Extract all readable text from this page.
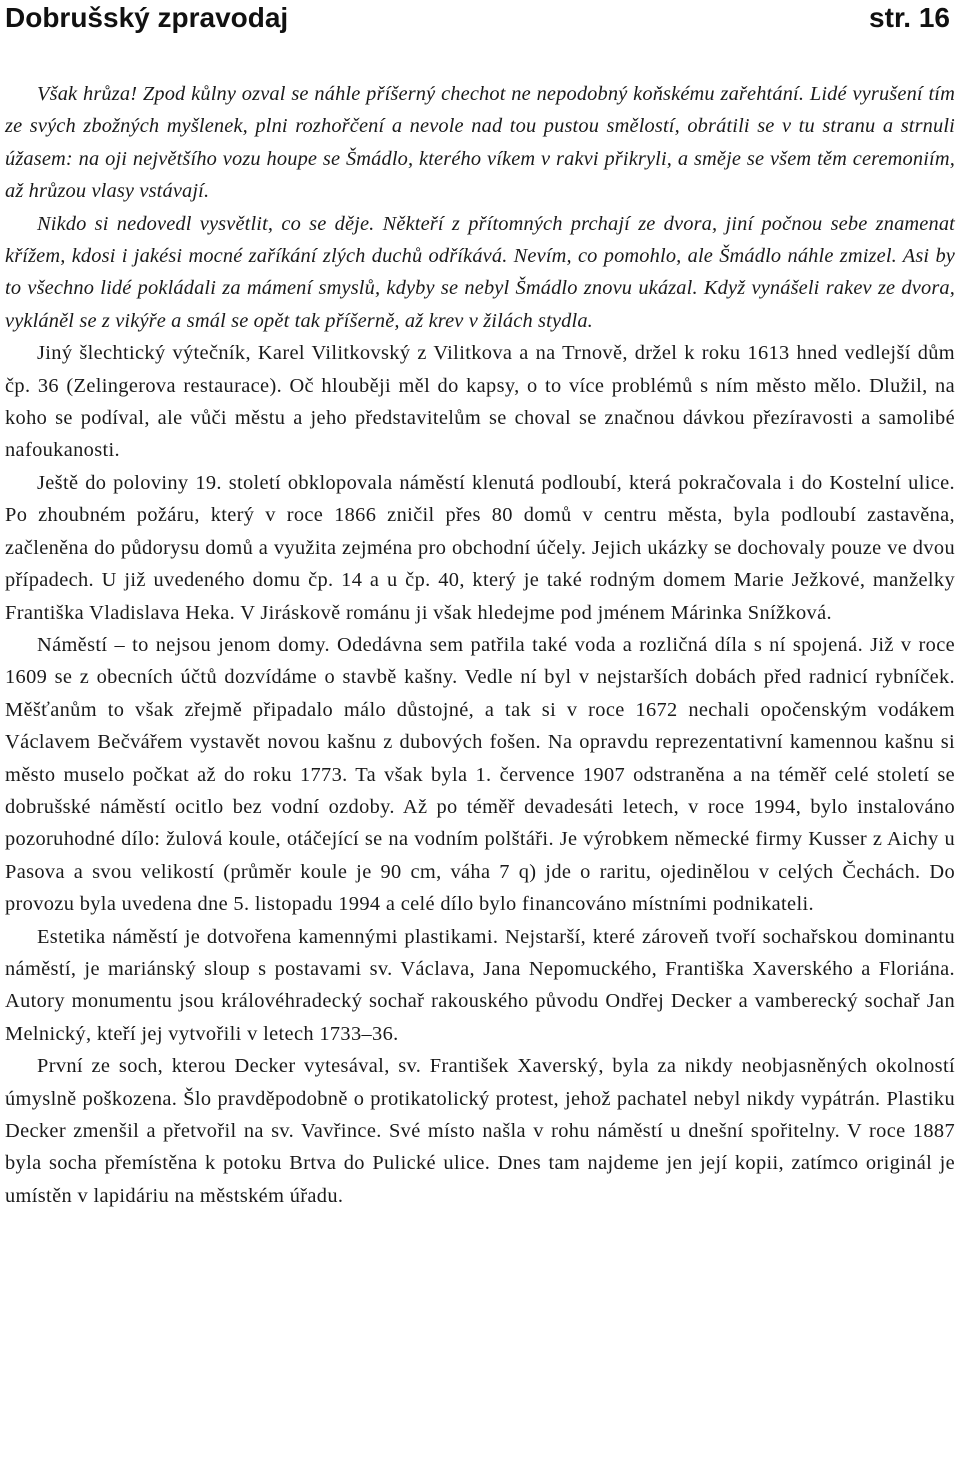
Dobrušský zpravodaj	str. 16

Však hrůza! Zpod kůlny ozval se náhle příšerný chechot ne nepodobný koňskému zařehtání. Lidé vyrušení tím ze svých zbožných myšlenek, plni rozhořčení a nevole nad tou pustou smělostí, obrátili se v tu stranu a strnuli úžasem: na oji největšího vozu houpe se Šmádlo, kterého víkem v rakvi přikryli, a směje se všem těm ceremoniím, až hrůzou vlasy vstávají.

Nikdo si nedovedl vysvětlit, co se děje. Někteří z přítomných prchají ze dvora, jiní počnou sebe znamenat křížem, kdosi i jakési mocné zaříkání zlých duchů odříkává. Nevím, co pomohlo, ale Šmádlo náhle zmizel. Asi by to všechno lidé pokládali za mámení smyslů, kdyby se nebyl Šmádlo znovu ukázal. Když vynášeli rakev ze dvora, vykláněl se z vikýře a smál se opět tak příšerně, až krev v žilách stydla.

Jiný šlechtický výtečník, Karel Vilitkovský z Vilitkova a na Trnově, držel k roku 1613 hned vedlejší dům čp. 36 (Zelingerova restaurace). Oč hlouběji měl do kapsy, o to více problémů s ním město mělo. Dlužil, na koho se podíval, ale vůči městu a jeho představitelům se choval se značnou dávkou přezíravosti a samolibé nafoukanosti.

Ještě do poloviny 19. století obklopovala náměstí klenutá podloubí, která pokračovala i do Kostelní ulice. Po zhoubném požáru, který v roce 1866 zničil přes 80 domů v centru města, byla podloubí zastavěna, začleněna do půdorysu domů a využita zejména pro obchodní účely. Jejich ukázky se dochovaly pouze ve dvou případech. U již uvedeného domu čp. 14 a u čp. 40, který je také rodným domem Marie Ježkové, manželky Františka Vladislava Heka. V Jiráskově románu ji však hledejme pod jménem Márinka Snížková.

Náměstí – to nejsou jenom domy. Odedávna sem patřila také voda a rozličná díla s ní spojená. Již v roce 1609 se z obecních účtů dozvídáme o stavbě kašny. Vedle ní byl v nejstarších dobách před radnicí rybníček. Měšťanům to však zřejmě připadalo málo důstojné, a tak si v roce 1672 nechali opočenským vodákem Václavem Bečvářem vystavět novou kašnu z dubových fošen. Na opravdu reprezentativní kamennou kašnu si město muselo počkat až do roku 1773. Ta však byla 1. července 1907 odstraněna a na téměř celé století se dobrušské náměstí ocitlo bez vodní ozdoby. Až po téměř devadesáti letech, v roce 1994, bylo instalováno pozoruhodné dílo: žulová koule, otáčející se na vodním polštáři. Je výrobkem německé firmy Kusser z Aichy u Pasova a svou velikostí (průměr koule je 90 cm, váha 7 q) jde o raritu, ojedinělou v celých Čechách. Do provozu byla uvedena dne 5. listopadu 1994 a celé dílo bylo financováno místními podnikateli.

Estetika náměstí je dotvořena kamennými plastikami. Nejstarší, které zároveň tvoří sochařskou dominantu náměstí, je mariánský sloup s postavami sv. Václava, Jana Nepomuckého, Františka Xaverského a Floriána. Autory monumentu jsou královéhradecký sochař rakouského původu Ondřej Decker a vamberecký sochař Jan Melnický, kteří jej vytvořili v letech 1733–36.

První ze soch, kterou Decker vytesával, sv. František Xaverský, byla za nikdy neobjasněných okolností úmyslně poškozena. Šlo pravděpodobně o protikatolický protest, jehož pachatel nebyl nikdy vypátrán. Plastiku Decker zmenšil a přetvořil na sv. Vavřince. Své místo našla v rohu náměstí u dnešní spořitelny. V roce 1887 byla socha přemístěna k potoku Brtva do Pulické ulice. Dnes tam najdeme jen její kopii, zatímco originál je umístěn v lapidáriu na městském úřadu.
